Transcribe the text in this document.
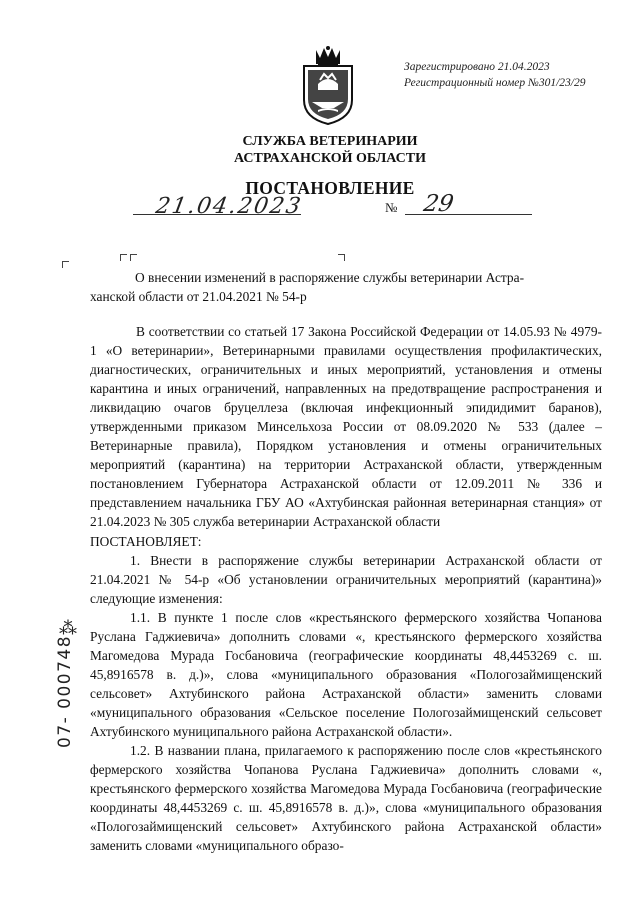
Зарегистрировано 21.04.2023
Регистрационный номер №301/23/29
СЛУЖБА ВЕТЕРИНАРИИ
АСТРАХАНСКОЙ ОБЛАСТИ
ПОСТАНОВЛЕНИЕ
21.04.2023	№ 29
О внесении изменений в распоряжение службы ветеринарии Астра-
ханской области от 21.04.2021 № 54-р

В соответствии со статьей 17 Закона Российской Федерации от 14.05.93 № 4979-1 «О ветеринарии», Ветеринарными правилами осуществления профилактических, диагностических, ограничительных и иных мероприятий, установления и отмены карантина и иных ограничений, направленных на предотвращение распространения и ликвидацию очагов бруцеллеза (включая инфекционный эпидидимит баранов), утвержденными приказом Минсельхоза России от 08.09.2020 № 533 (далее – Ветеринарные правила), Порядком установления и отмены ограничительных мероприятий (карантина) на территории Астраханской области, утвержденным постановлением Губернатора Астраханской области от 12.09.2011 № 336 и представлением начальника ГБУ АО «Ахтубинская районная ветеринарная станция» от 21.04.2023 № 305 служба ветеринарии Астраханской области

ПОСТАНОВЛЯЕТ:

1. Внести в распоряжение службы ветеринарии Астраханской области от 21.04.2021 № 54-р «Об установлении ограничительных мероприятий (карантина)» следующие изменения:

1.1. В пункте 1 после слов «крестьянского фермерского хозяйства Чопанова Руслана Гаджиевича» дополнить словами «, крестьянского фермерского хозяйства Магомедова Мурада Госбановича (географические координаты 48,4453269 с. ш. 45,8916578 в. д.)», слова «муниципального образования «Пологозаймищенский сельсовет» Ахтубинского района Астраханской области» заменить словами «муниципального образования «Сельское поселение Пологозаймищенский сельсовет Ахтубинского муниципального района Астраханской области».

1.2. В названии плана, прилагаемого к распоряжению после слов «крестьянского фермерского хозяйства Чопанова Руслана Гаджиевича» дополнить словами «, крестьянского фермерского хозяйства Магомедова Мурада Госбановича (географические координаты 48,4453269 с. ш. 45,8916578 в. д.)», слова «муниципального образования «Пологозаймищенский сельсовет» Ахтубинского района Астраханской области» заменить словами «муниципального образо-

⁂
07- 000748
